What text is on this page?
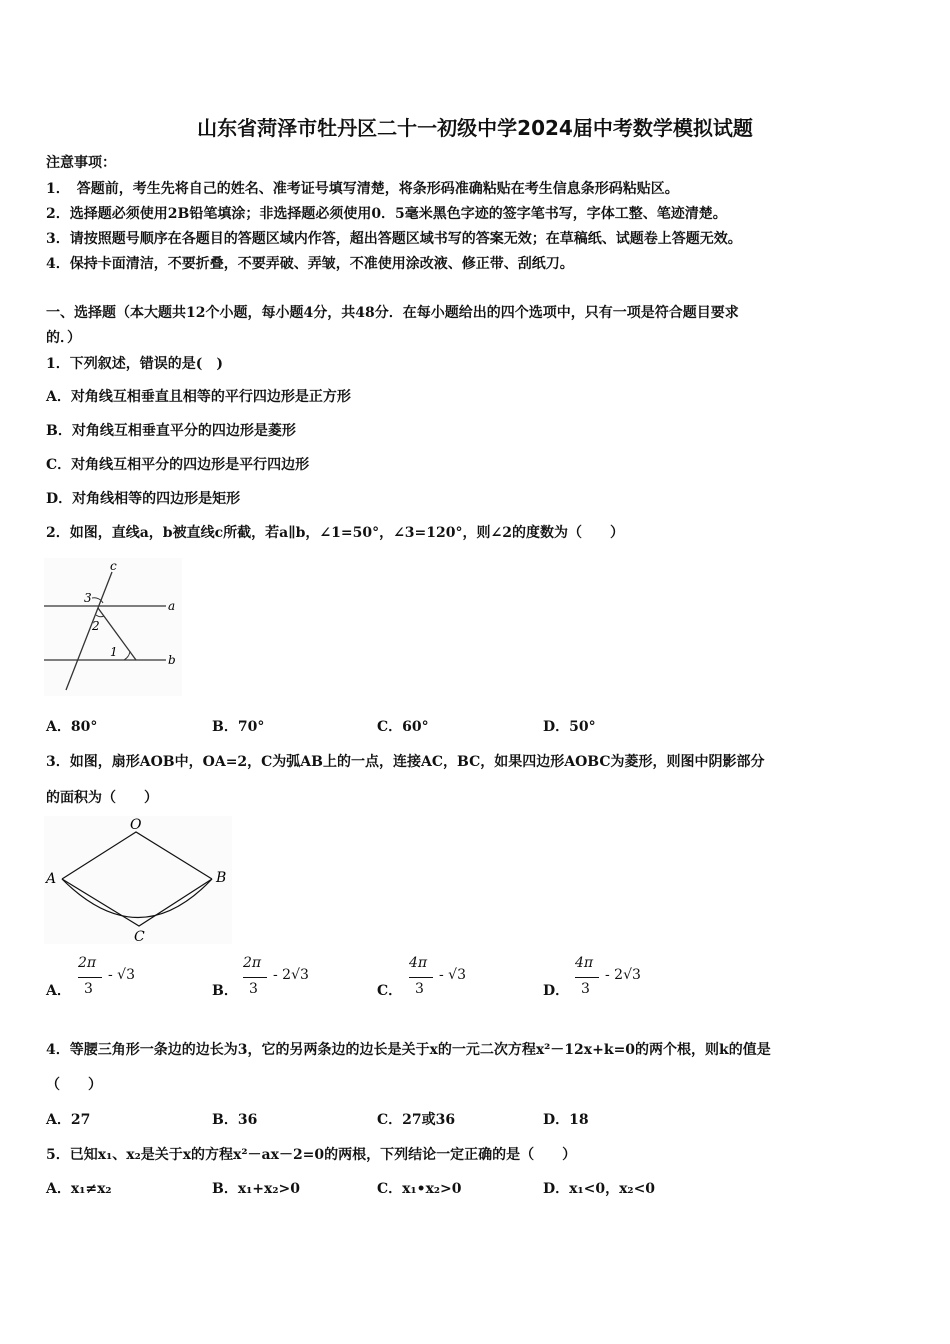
山东省菏泽市牡丹区二十一初级中学2024届中考数学模拟试题
注意事项：
1．　答题前，考生先将自己的姓名、准考证号填写清楚，将条形码准确粘贴在考生信息条形码粘贴区。
2．选择题必须使用2B铅笔填涂；非选择题必须使用0．5毫米黑色字迹的签字笔书写，字体工整、笔迹清楚。
3．请按照题号顺序在各题目的答题区域内作答，超出答题区域书写的答案无效；在草稿纸、试题卷上答题无效。
4．保持卡面清洁，不要折叠，不要弄破、弄皱，不准使用涂改液、修正带、刮纸刀。
一、选择题（本大题共12个小题，每小题4分，共48分．在每小题给出的四个选项中，只有一项是符合题目要求
的．）
1．下列叙述，错误的是(　)
A．对角线互相垂直且相等的平行四边形是正方形
B．对角线互相垂直平分的四边形是菱形
C．对角线互相平分的四边形是平行四边形
D．对角线相等的四边形是矩形
2．如图，直线a，b被直线c所截，若a∥b，∠1=50°，∠3=120°，则∠2的度数为（　　）
c
a
b
3
2
1
A．80°	B．70°	C．60°	D．50°
3．如图，扇形AOB中，OA=2，C为弧AB上的一点，连接AC，BC，如果四边形AOBC为菱形，则图中阴影部分
的面积为（　　）
O
A	B
C
A．
2π
3
- √3
B．
2π
3
- 2√3
C．
4π
3
- √3
D．
4π
3
- 2√3
4．等腰三角形一条边的边长为3，它的另两条边的边长是关于x的一元二次方程x²－12x+k=0的两个根，则k的值是
（　　）
A．27	B．36	C．27或36	D．18
5．已知x₁、x₂是关于x的方程x²－ax－2=0的两根，下列结论一定正确的是（　　）
A．x₁≠x₂	B．x₁+x₂>0	C．x₁•x₂>0	D．x₁<0，x₂<0
